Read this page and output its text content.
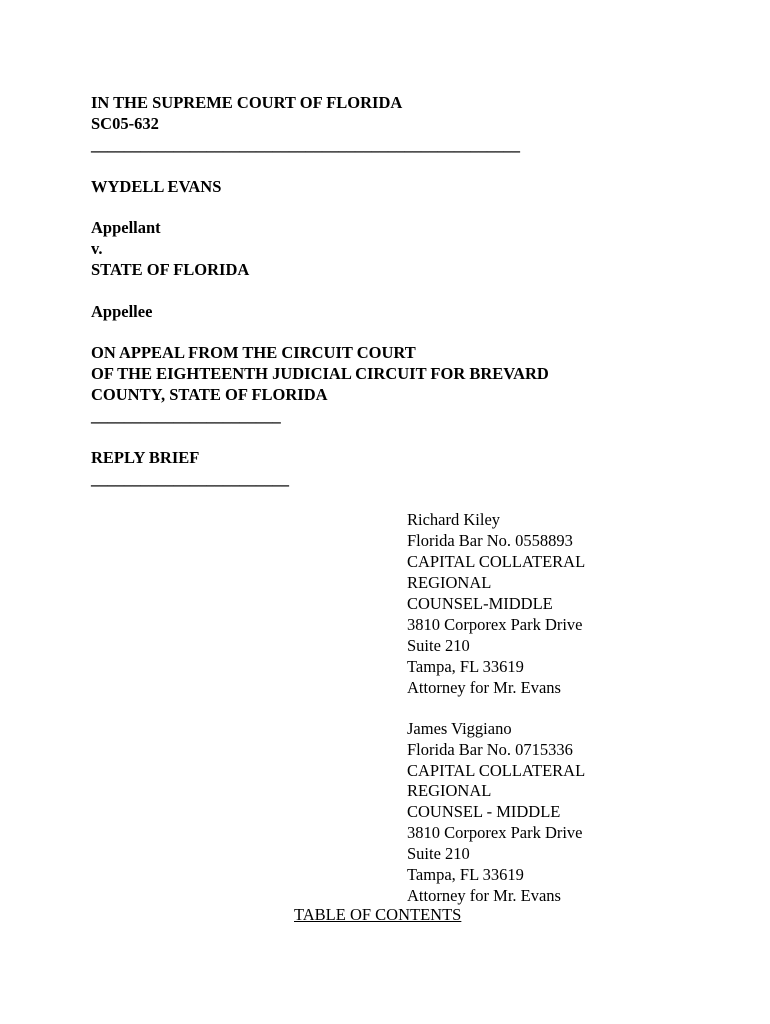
IN THE SUPREME COURT OF FLORIDA
SC05-632
____________________________________________________
WYDELL EVANS
Appellant
v.
STATE OF FLORIDA
Appellee
ON APPEAL FROM THE CIRCUIT COURT
OF THE EIGHTEENTH JUDICIAL CIRCUIT FOR BREVARD
COUNTY, STATE OF FLORIDA
_______________________
REPLY BRIEF
________________________
Richard Kiley
Florida Bar No. 0558893
CAPITAL COLLATERAL
REGIONAL
COUNSEL-MIDDLE
3810 Corporex Park Drive
Suite 210
Tampa, FL 33619
Attorney for Mr. Evans
James Viggiano
Florida Bar No. 0715336
CAPITAL COLLATERAL
REGIONAL
COUNSEL - MIDDLE
3810 Corporex Park Drive
Suite 210
Tampa, FL 33619
Attorney for Mr. Evans
TABLE OF CONTENTS
